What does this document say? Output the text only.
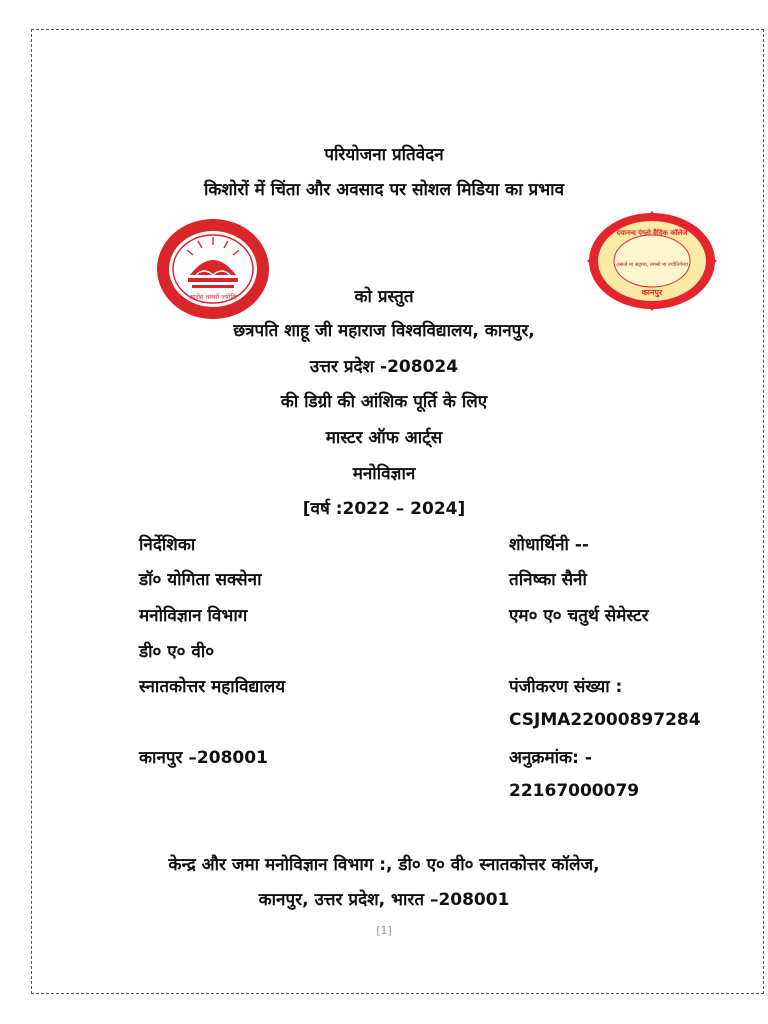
परियोजना प्रतिवेदन
किशोरों में चिंता और अवसाद पर सोशल मिडिया का प्रभाव
आरोह तमसो ज्योतिः
दयानन्द एंग्लो वैदिक कॉलेज
असतो मा सद्गमय, तमसो मा ज्योतिर्गमय
कानपुर
को प्रस्तुत
छत्रपति शाहू जी महाराज विश्वविद्यालय, कानपुर,
उत्तर प्रदेश -208024
की डिग्री की आंशिक पूर्ति के लिए
मास्टर ऑफ आर्ट्स
मनोविज्ञान
[वर्ष :2022 – 2024]
निर्देशिका
डॉ० योगिता सक्सेना
मनोविज्ञान विभाग
डी० ए० वी०
स्नातकोत्तर महाविद्यालय
कानपुर –208001
शोधार्थिनी --
तनिष्का सैनी
एम० ए० चतुर्थ सेमेस्टर
पंजीकरण संख्या :
CSJMA22000897284
अनुक्रमांक: -
22167000079
केन्द्र और जमा मनोविज्ञान विभाग :, डी० ए० वी० स्नातकोत्तर कॉलेज,
कानपुर, उत्तर प्रदेश, भारत –208001
[1]
